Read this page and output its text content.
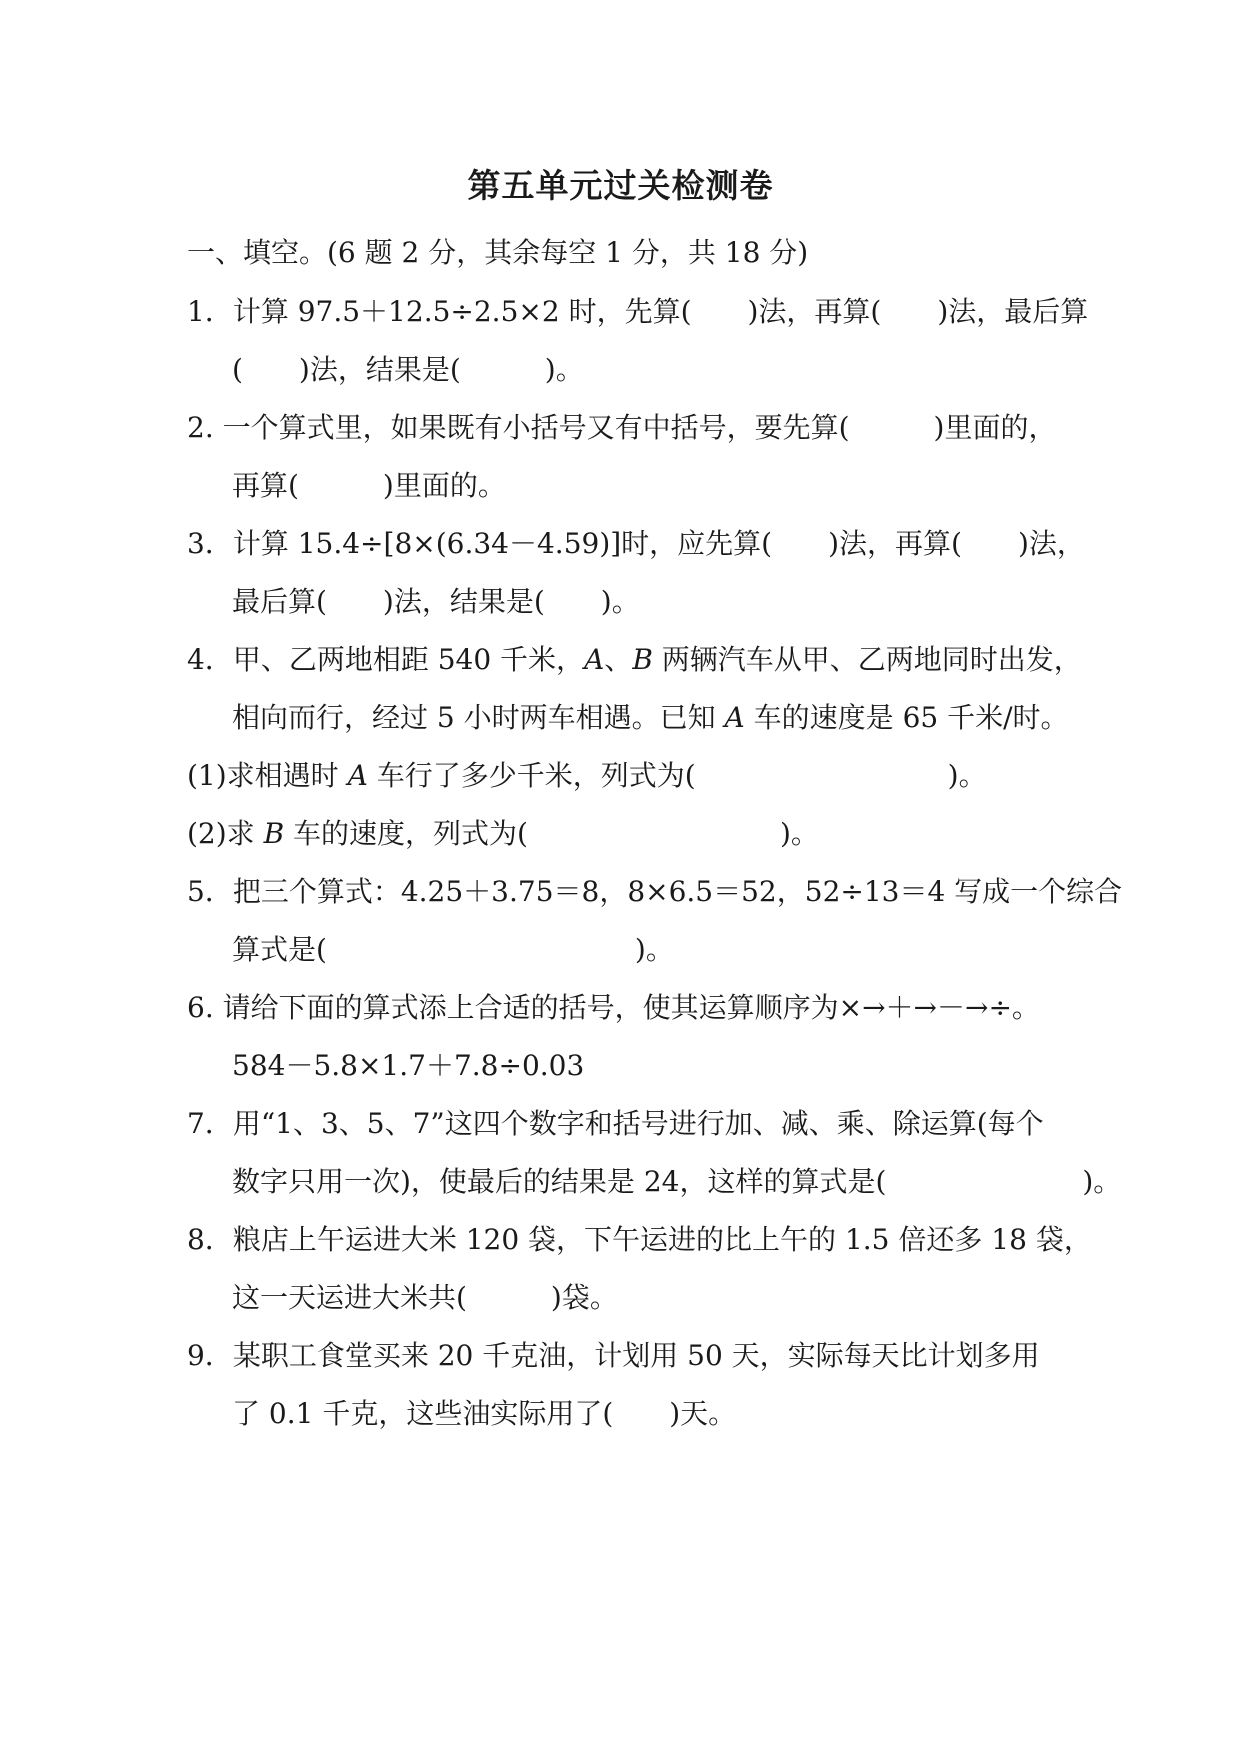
第五单元过关检测卷

一、填空。(6 题 2 分，其余每空 1 分，共 18 分)

1．计算 97.5＋12.5÷2.5×2 时，先算(　　)法，再算(　　)法，最后算

(　　)法，结果是(　　　)。

2. 一个算式里，如果既有小括号又有中括号，要先算(　　　)里面的，

再算(　　　)里面的。

3．计算 15.4÷[8×(6.34－4.59)]时，应先算(　　)法，再算(　　)法，

最后算(　　)法，结果是(　　)。

4．甲、乙两地相距 540 千米，A、B 两辆汽车从甲、乙两地同时出发，

相向而行，经过 5 小时两车相遇。已知 A 车的速度是 65 千米/时。

(1)求相遇时 A 车行了多少千米，列式为(　　　　　　　　　)。

(2)求 B 车的速度，列式为(　　　　　　　　　)。

5．把三个算式：4.25＋3.75＝8，8×6.5＝52，52÷13＝4 写成一个综合

算式是(　　　　　　　　　　　)。

6. 请给下面的算式添上合适的括号，使其运算顺序为×→＋→－→÷。

584－5.8×1.7＋7.8÷0.03

7．用“1、3、5、7”这四个数字和括号进行加、减、乘、除运算(每个

数字只用一次)，使最后的结果是 24，这样的算式是(　　　　　　　)。

8．粮店上午运进大米 120 袋，下午运进的比上午的 1.5 倍还多 18 袋，

这一天运进大米共(　　　)袋。

9．某职工食堂买来 20 千克油，计划用 50 天，实际每天比计划多用

了 0.1 千克，这些油实际用了(　　)天。
